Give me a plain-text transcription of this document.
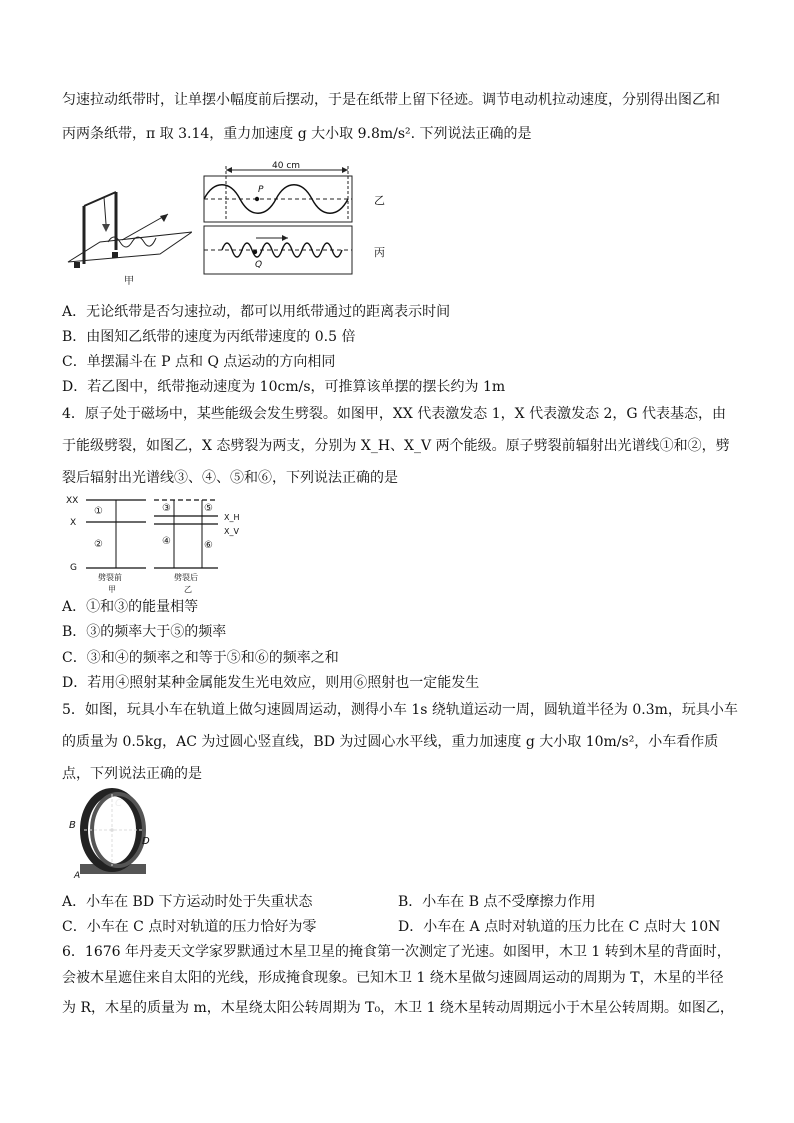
匀速拉动纸带时，让单摆小幅度前后摆动，于是在纸带上留下径迹。调节电动机拉动速度，分别得出图乙和
丙两条纸带，π 取 3.14，重力加速度 g 大小取 9.8m/s². 下列说法正确的是
甲
40 cm
P
乙
Q
丙
A．无论纸带是否匀速拉动，都可以用纸带通过的距离表示时间
B．由图知乙纸带的速度为丙纸带速度的 0.5 倍
C．单摆漏斗在 P 点和 Q 点运动的方向相同
D．若乙图中，纸带拖动速度为 10cm/s，可推算该单摆的摆长约为 1m
4．原子处于磁场中，某些能级会发生劈裂。如图甲，XX 代表激发态 1，X 代表激发态 2，G 代表基态，由
于能级劈裂，如图乙，X 态劈裂为两支，分别为 X_H、X_V 两个能级。原子劈裂前辐射出光谱线①和②，劈
裂后辐射出光谱线③、④、⑤和⑥，下列说法正确的是
XX
X
G
①
②
劈裂前
甲
③	⑤
④	⑥
X_H
X_V
劈裂后
乙
A．①和③的能量相等
B．③的频率大于⑤的频率
C．③和④的频率之和等于⑤和⑥的频率之和
D．若用④照射某种金属能发生光电效应，则用⑥照射也一定能发生
5．如图，玩具小车在轨道上做匀速圆周运动，测得小车 1s 绕轨道运动一周，圆轨道半径为 0.3m，玩具小车
的质量为 0.5kg，AC 为过圆心竖直线，BD 为过圆心水平线，重力加速度 g 大小取 10m/s²，小车看作质
点，下列说法正确的是
B
C
D
A
A．小车在 BD 下方运动时处于失重状态	B．小车在 B 点不受摩擦力作用
C．小车在 C 点时对轨道的压力恰好为零	D．小车在 A 点时对轨道的压力比在 C 点时大 10N
6．1676 年丹麦天文学家罗默通过木星卫星的掩食第一次测定了光速。如图甲，木卫 1 转到木星的背面时，
会被木星遮住来自太阳的光线，形成掩食现象。已知木卫 1 绕木星做匀速圆周运动的周期为 T，木星的半径
为 R，木星的质量为 m，木星绕太阳公转周期为 T₀，木卫 1 绕木星转动周期远小于木星公转周期。如图乙，
